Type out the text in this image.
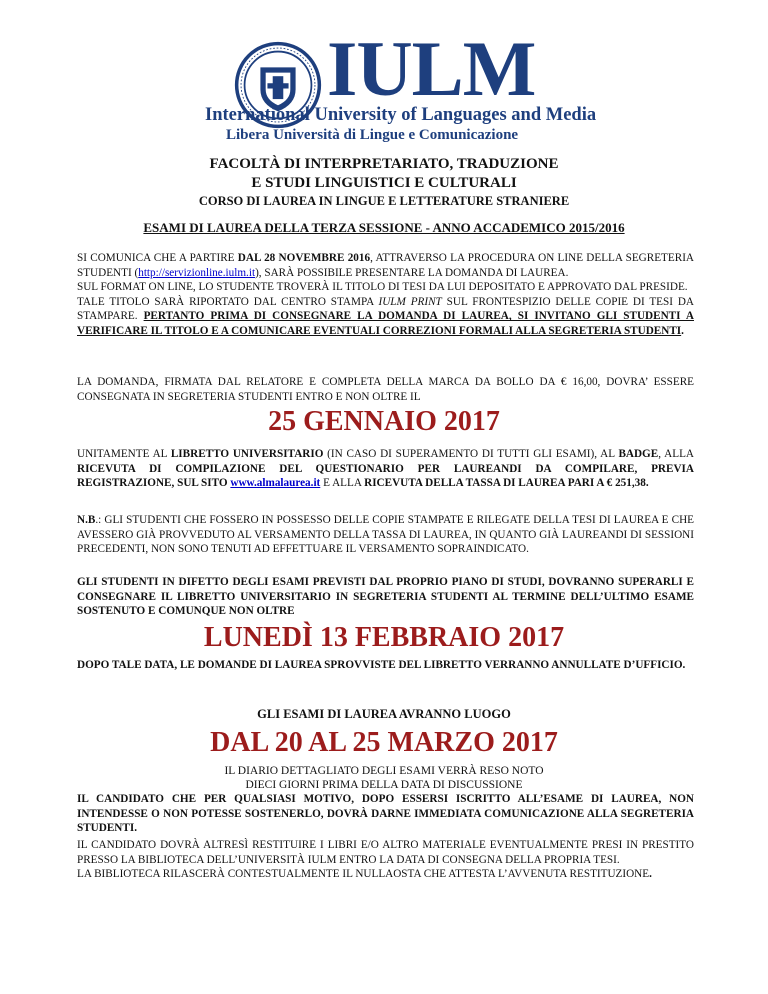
IULM
International University of Languages and Media
Libera Università di Lingue e Comunicazione
FACOLTÀ DI INTERPRETARIATO, TRADUZIONE
E STUDI LINGUISTICI E CULTURALI
CORSO DI LAUREA IN LINGUE E LETTERATURE STRANIERE
ESAMI DI LAUREA DELLA TERZA SESSIONE - ANNO ACCADEMICO 2015/2016
SI COMUNICA CHE A PARTIRE DAL 28 NOVEMBRE 2016, ATTRAVERSO LA PROCEDURA ON LINE DELLA SEGRETERIA STUDENTI (http://servizionline.iulm.it), SARÀ POSSIBILE PRESENTARE LA DOMANDA DI LAUREA.
SUL FORMAT ON LINE, LO STUDENTE TROVERÀ IL TITOLO DI TESI DA LUI DEPOSITATO E APPROVATO DAL PRESIDE.
TALE TITOLO SARÀ RIPORTATO DAL CENTRO STAMPA IULM PRINT SUL FRONTESPIZIO DELLE COPIE DI TESI DA STAMPARE. PERTANTO PRIMA DI CONSEGNARE LA DOMANDA DI LAUREA, SI INVITANO GLI STUDENTI A VERIFICARE IL TITOLO E A COMUNICARE EVENTUALI CORREZIONI FORMALI ALLA SEGRETERIA STUDENTI.
LA DOMANDA, FIRMATA DAL RELATORE E COMPLETA DELLA MARCA DA BOLLO DA € 16,00, DOVRA’ ESSERE CONSEGNATA IN SEGRETERIA STUDENTI ENTRO E NON OLTRE IL
25 GENNAIO 2017
UNITAMENTE AL LIBRETTO UNIVERSITARIO (IN CASO DI SUPERAMENTO DI TUTTI GLI ESAMI), AL BADGE, ALLA RICEVUTA DI COMPILAZIONE DEL QUESTIONARIO PER LAUREANDI DA COMPILARE, PREVIA REGISTRAZIONE, SUL SITO www.almalaurea.it E ALLA RICEVUTA DELLA TASSA DI LAUREA PARI A € 251,38.
N.B.: GLI STUDENTI CHE FOSSERO IN POSSESSO DELLE COPIE STAMPATE E RILEGATE DELLA TESI DI LAUREA E CHE AVESSERO GIÀ PROVVEDUTO AL VERSAMENTO DELLA TASSA DI LAUREA, IN QUANTO GIÀ LAUREANDI DI SESSIONI PRECEDENTI, NON SONO TENUTI AD EFFETTUARE IL VERSAMENTO SOPRAINDICATO.
GLI STUDENTI IN DIFETTO DEGLI ESAMI PREVISTI DAL PROPRIO PIANO DI STUDI, DOVRANNO SUPERARLI E CONSEGNARE IL LIBRETTO UNIVERSITARIO IN SEGRETERIA STUDENTI AL TERMINE DELL’ULTIMO ESAME SOSTENUTO E COMUNQUE NON OLTRE
LUNEDÌ 13 FEBBRAIO 2017
DOPO TALE DATA, LE DOMANDE DI LAUREA SPROVVISTE DEL LIBRETTO VERRANNO ANNULLATE D’UFFICIO.
GLI ESAMI DI LAUREA AVRANNO LUOGO
DAL 20 AL 25 MARZO 2017
IL DIARIO DETTAGLIATO DEGLI ESAMI VERRÀ RESO NOTO
DIECI GIORNI PRIMA DELLA DATA DI DISCUSSIONE
IL CANDIDATO CHE PER QUALSIASI MOTIVO, DOPO ESSERSI ISCRITTO ALL’ESAME DI LAUREA, NON INTENDESSE O NON POTESSE SOSTENERLO, DOVRÀ DARNE IMMEDIATA COMUNICAZIONE ALLA SEGRETERIA STUDENTI.
IL CANDIDATO DOVRÀ ALTRESÌ RESTITUIRE I LIBRI E/O ALTRO MATERIALE EVENTUALMENTE PRESI IN PRESTITO PRESSO LA BIBLIOTECA DELL’UNIVERSITÀ IULM ENTRO LA DATA DI CONSEGNA DELLA PROPRIA TESI.
LA BIBLIOTECA RILASCERÀ CONTESTUALMENTE IL NULLAOSTA CHE ATTESTA L’AVVENUTA RESTITUZIONE.
